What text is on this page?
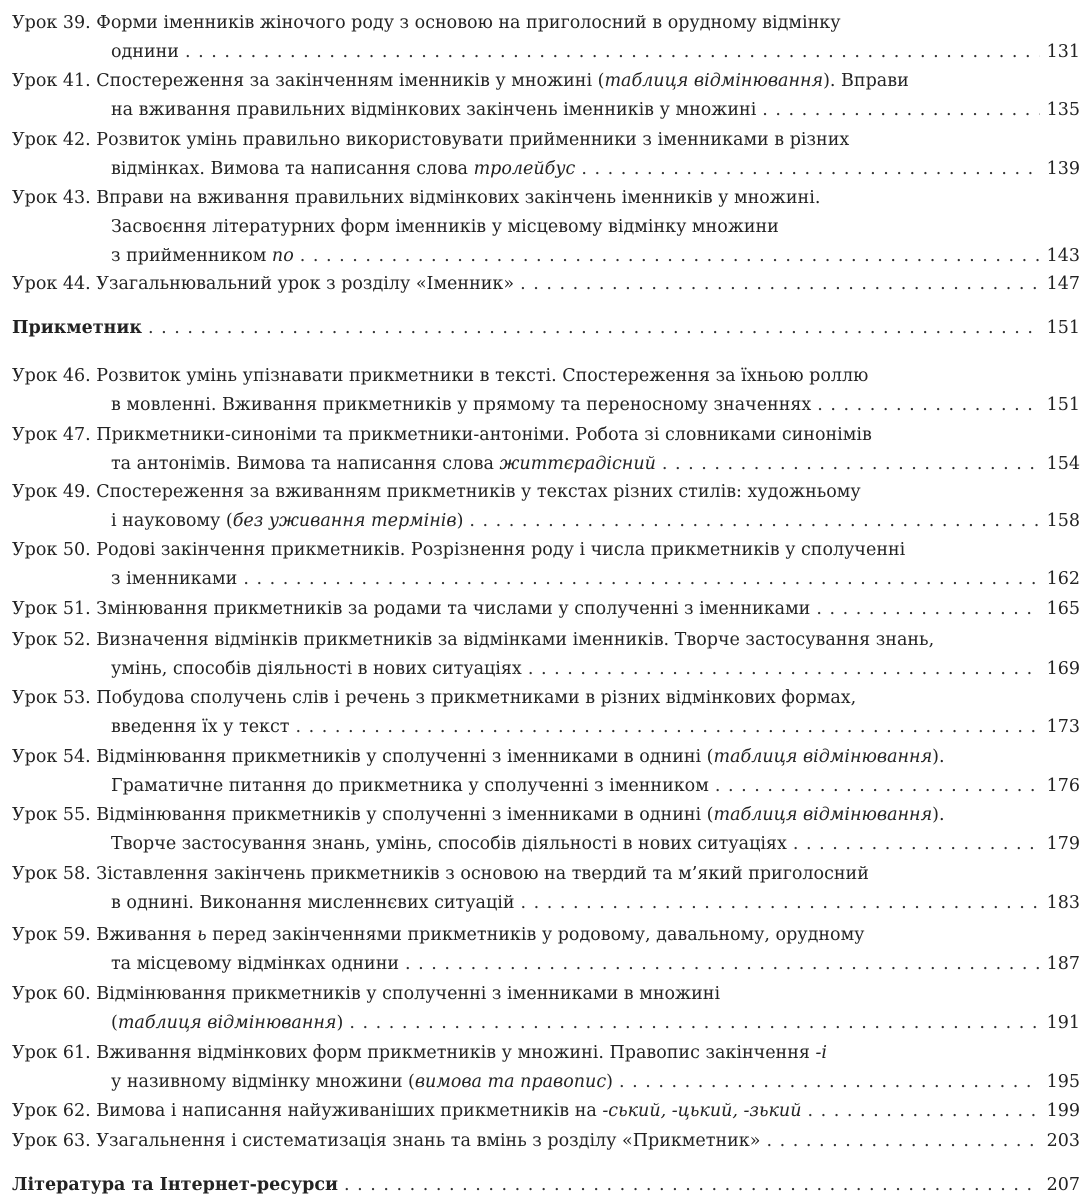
Урок 39.
Форми іменників жіночого роду з основою на приголосний в орудному відмінку
однини . . .	131
Урок 41.
Спостереження за закінченням іменників у множині (таблиця відмінювання). Вправи
на вживання правильних відмінкових закінчень іменників у множині . . .	135
Урок 42.
Розвиток умінь правильно використовувати прийменники з іменниками в різних
відмінках. Вимова та написання слова тролейбус . . .	139
Урок 43.
Вправи на вживання правильних відмінкових закінчень іменників у множині.
Засвоєння літературних форм іменників у місцевому відмінку множини
з прийменником по . . .	143
Урок 44.
Узагальнювальний урок з розділу «Іменник» . . .	147
Прикметник . . .	151
Урок 46.
Розвиток умінь упізнавати прикметники в тексті. Спостереження за їхньою роллю
в мовленні. Вживання прикметників у прямому та переносному значеннях . . .	151
Урок 47.
Прикметники-синоніми та прикметники-антоніми. Робота зі словниками синонімів
та антонімів. Вимова та написання слова життєрадісний . . .	154
Урок 49.
Спостереження за вживанням прикметників у текстах різних стилів: художньому
і науковому (без уживання термінів) . . .	158
Урок 50.
Родові закінчення прикметників. Розрізнення роду і числа прикметників у сполученні
з іменниками . . .	162
Урок 51.
Змінювання прикметників за родами та числами у сполученні з іменниками . . .	165
Урок 52.
Визначення відмінків прикметників за відмінками іменників. Творче застосування знань,
умінь, способів діяльності в нових ситуаціях . . .	169
Урок 53.
Побудова сполучень слів і речень з прикметниками в різних відмінкових формах,
введення їх у текст . . .	173
Урок 54.
Відмінювання прикметників у сполученні з іменниками в однині (таблиця відмінювання).
Граматичне питання до прикметника у сполученні з іменником . . .	176
Урок 55.
Відмінювання прикметників у сполученні з іменниками в однині (таблиця відмінювання).
Творче застосування знань, умінь, способів діяльності в нових ситуаціях . . .	179
Урок 58.
Зіставлення закінчень прикметників з основою на твердий та м’який приголосний
в однині. Виконання мисленнєвих ситуацій . . .	183
Урок 59.
Вживання ь перед закінченнями прикметників у родовому, давальному, орудному
та місцевому відмінках однини . . .	187
Урок 60.
Відмінювання прикметників у сполученні з іменниками в множині
(таблиця відмінювання) . . .	191
Урок 61.
Вживання відмінкових форм прикметників у множині. Правопис закінчення -і
у називному відмінку множини (вимова та правопис) . . .	195
Урок 62.
Вимова і написання найуживаніших прикметників на -ський, -цький, -зький . . .	199
Урок 63.
Узагальнення і систематизація знань та вмінь з розділу «Прикметник» . . .	203
Література та Інтернет-ресурси . . .	207
